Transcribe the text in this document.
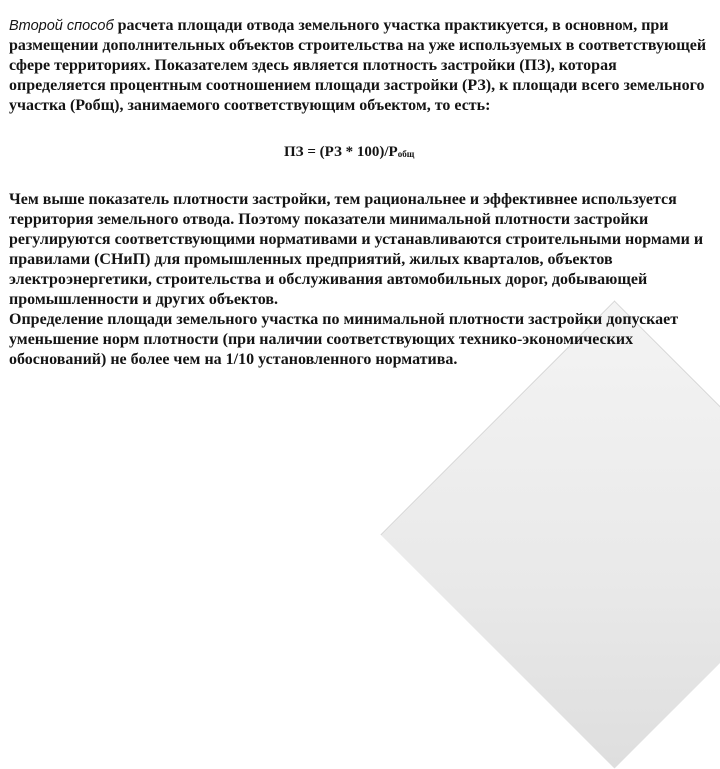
Второй способ расчета площади отвода земельного участка практикуется, в основном, при размещении дополнительных объектов строительства на уже используемых в соответствующей сфере территориях. Показателем здесь является плотность застройки (ПЗ), которая определяется процентным соотношением площади застройки (РЗ), к площади всего земельного участка (Робщ), занимаемого соответствующим объектом, то есть:

ПЗ = $(РЗ * 100)/Р_{общ}$

Чем выше показатель плотности застройки, тем рациональнее и эффективнее используется территория земельного отвода. Поэтому показатели минимальной плотности застройки регулируются соответствующими нормативами и устанавливаются строительными нормами и правилами (СНиП) для промышленных предприятий, жилых кварталов, объектов электроэнергетики, строительства и обслуживания автомобильных дорог, добывающей промышленности и других объектов.

Определение площади земельного участка по минимальной плотности застройки допускает уменьшение норм плотности (при наличии соответствующих технико-экономических обоснований) не более чем на 1/10 установленного норматива.
